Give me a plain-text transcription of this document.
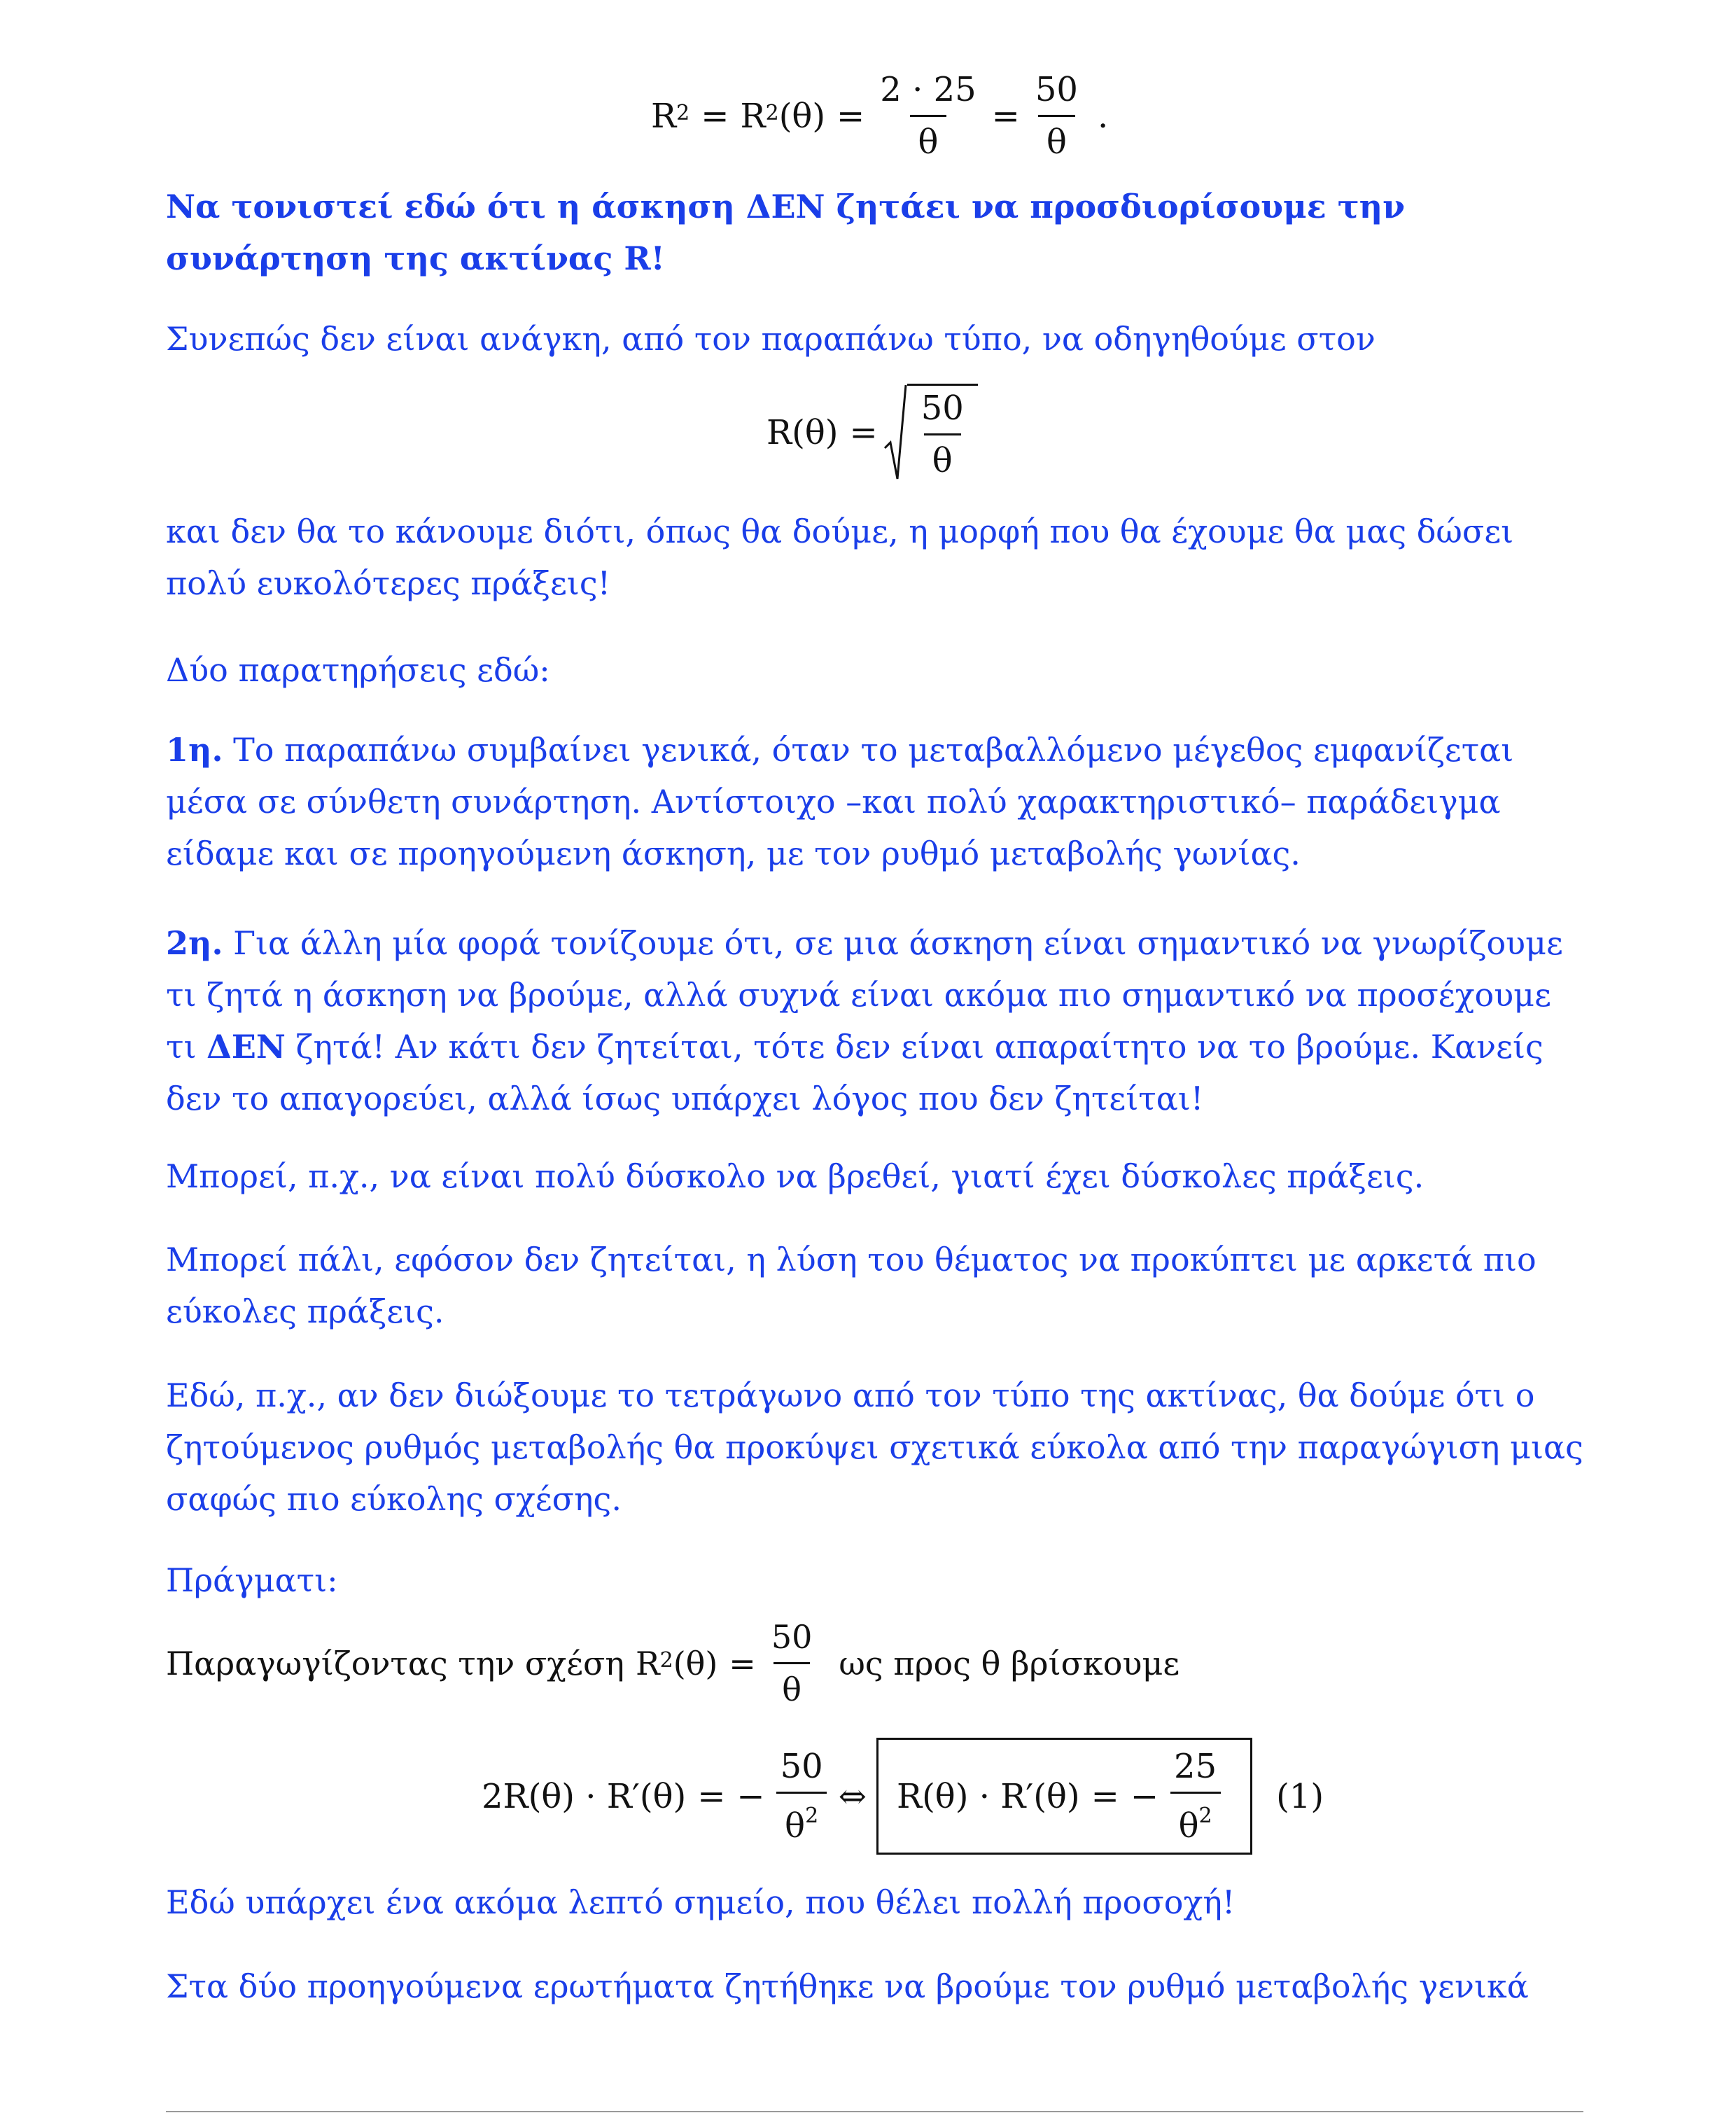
R 2 = R 2 $(\theta) = \frac{2 \cdot 25}{\theta} = \frac{50}{\theta}$ .

Να τονιστεί εδώ ότι η άσκηση ΔΕΝ ζητάει να προσδιορίσουμε την συνάρτηση της ακτίνας R!

Συνεπώς δεν είναι ανάγκη, από τον παραπάνω τύπο, να οδηγηθούμε στον

$R(\theta) = \frac{50}{\theta}$

και δεν θα το κάνουμε διότι, όπως θα δούμε, η μορφή που θα έχουμε θα μας δώσει πολύ ευκολότερες πράξεις!

Δύο παρατηρήσεις εδώ:

1η. Το παραπάνω συμβαίνει γενικά, όταν το μεταβαλλόμενο μέγεθος εμφανίζεται μέσα σε σύνθετη συνάρτηση. Αντίστοιχο –και πολύ χαρακτηριστικό– παράδειγμα είδαμε και σε προηγούμενη άσκηση, με τον ρυθμό μεταβολής γωνίας.

2η. Για άλλη μία φορά τονίζουμε ότι, σε μια άσκηση είναι σημαντικό να γνωρίζουμε τι ζητά η άσκηση να βρούμε, αλλά συχνά είναι ακόμα πιο σημαντικό να προσέχουμε τι ΔΕΝ ζητά! Αν κάτι δεν ζητείται, τότε δεν είναι απαραίτητο να το βρούμε. Κανείς δεν το απαγορεύει, αλλά ίσως υπάρχει λόγος που δεν ζητείται!

Μπορεί, π.χ., να είναι πολύ δύσκολο να βρεθεί, γιατί έχει δύσκολες πράξεις.

Μπορεί πάλι, εφόσον δεν ζητείται, η λύση του θέματος να προκύπτει με αρκετά πιο εύκολες πράξεις.

Εδώ, π.χ., αν δεν διώξουμε το τετράγωνο από τον τύπο της ακτίνας, θα δούμε ότι ο ζητούμενος ρυθμός μεταβολής θα προκύψει σχετικά εύκολα από την παραγώγιση μιας σαφώς πιο εύκολης σχέσης.

Πράγματι:

Παραγωγίζοντας την σχέση R 2 $(\theta) = \frac{50}{\theta}$ ως προς θ βρίσκουμε
2R(θ) · R′(θ) = − $\frac{50}{\theta^2}$ ⇔ R(θ) · R′(θ) = − $\frac{25}{\theta^2} (1)$

Εδώ υπάρχει ένα ακόμα λεπτό σημείο, που θέλει πολλή προσοχή!

Στα δύο προηγούμενα ερωτήματα ζητήθηκε να βρούμε τον ρυθμό μεταβολής γενικά
